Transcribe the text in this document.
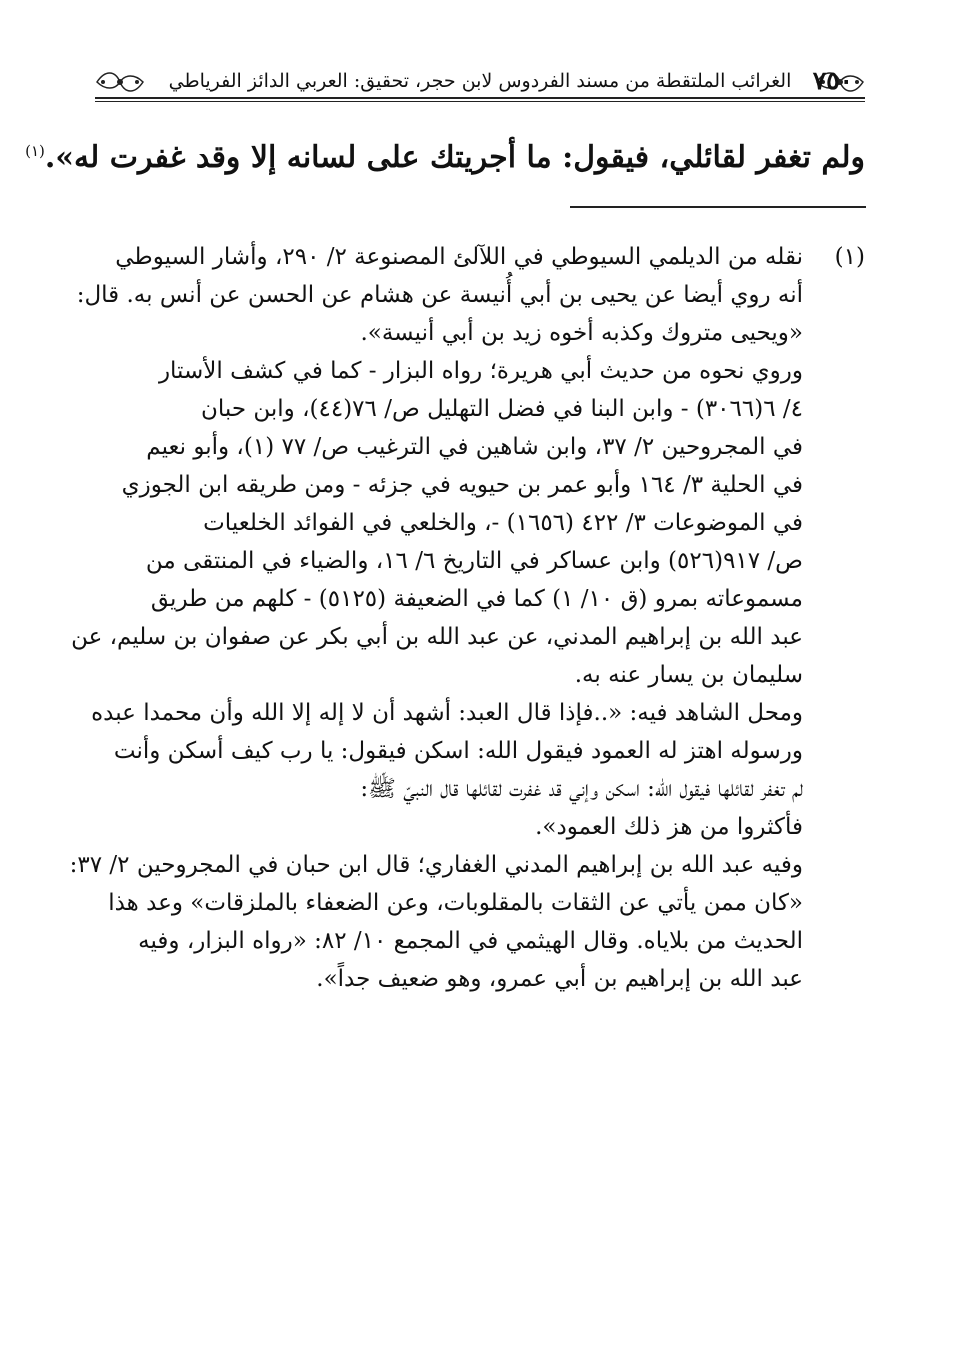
٧٥٠
الغرائب الملتقطة من مسند الفردوس لابن حجر، تحقيق: العربي الدائز الفرياطي
ولم تغفر لقائلي، فيقول: ما أجريتك على لسانه إلا وقد غفرت له».$^{(١)}$
(١)
نقله من الديلمي السيوطي في اللآلئ المصنوعة ٢/ ٢٩٠، وأشار السيوطي
أنه روي أيضا عن يحيى بن أبي أُنيسة عن هشام عن الحسن عن أنس به. قال:
«ويحيى متروك وكذبه أخوه زيد بن أبي أنيسة».
وروي نحوه من حديث أبي هريرة؛ رواه البزار - كما في كشف الأستار
٤/ ٦(٣٠٦٦) - وابن البنا في فضل التهليل ص/ ٧٦(٤٤)، وابن حبان
في المجروحين ٢/ ٣٧، وابن شاهين في الترغيب ص/ ٧٧ (١)، وأبو نعيم
في الحلية ٣/ ١٦٤ وأبو عمر بن حيويه في جزئه - ومن طريقه ابن الجوزي
في الموضوعات ٣/ ٤٢٢ (١٦٥٦) -، والخلعي في الفوائد الخلعيات
ص/ ٩١٧(٥٢٦) وابن عساكر في التاريخ ٦/ ١٦، والضياء في المنتقى من
مسموعاته بمرو (ق ١٠/ ١) كما في الضعيفة (٥١٢٥) - كلهم من طريق
عبد الله بن إبراهيم المدني، عن عبد الله بن أبي بكر عن صفوان بن سليم، عن
سليمان بن يسار عنه به.
ومحل الشاهد فيه: «..فإذا قال العبد: أشهد أن لا إله إلا الله وأن محمدا عبده
ورسوله اهتز له العمود فيقول الله: اسكن فيقول: يا رب كيف أسكن وأنت
لم تغفر لقائلها فيقول الله: اسكن وإني قد غفرت لقائلها قال النبيّ ﷺ:
فأكثروا من هز ذلك العمود».
وفيه عبد الله بن إبراهيم المدني الغفاري؛ قال ابن حبان في المجروحين ٢/ ٣٧:
«كان ممن يأتي عن الثقات بالمقلوبات، وعن الضعفاء بالملزقات» وعد هذا
الحديث من بلاياه. وقال الهيثمي في المجمع ١٠/ ٨٢: «رواه البزار، وفيه
عبد الله بن إبراهيم بن أبي عمرو، وهو ضعيف جداً».
